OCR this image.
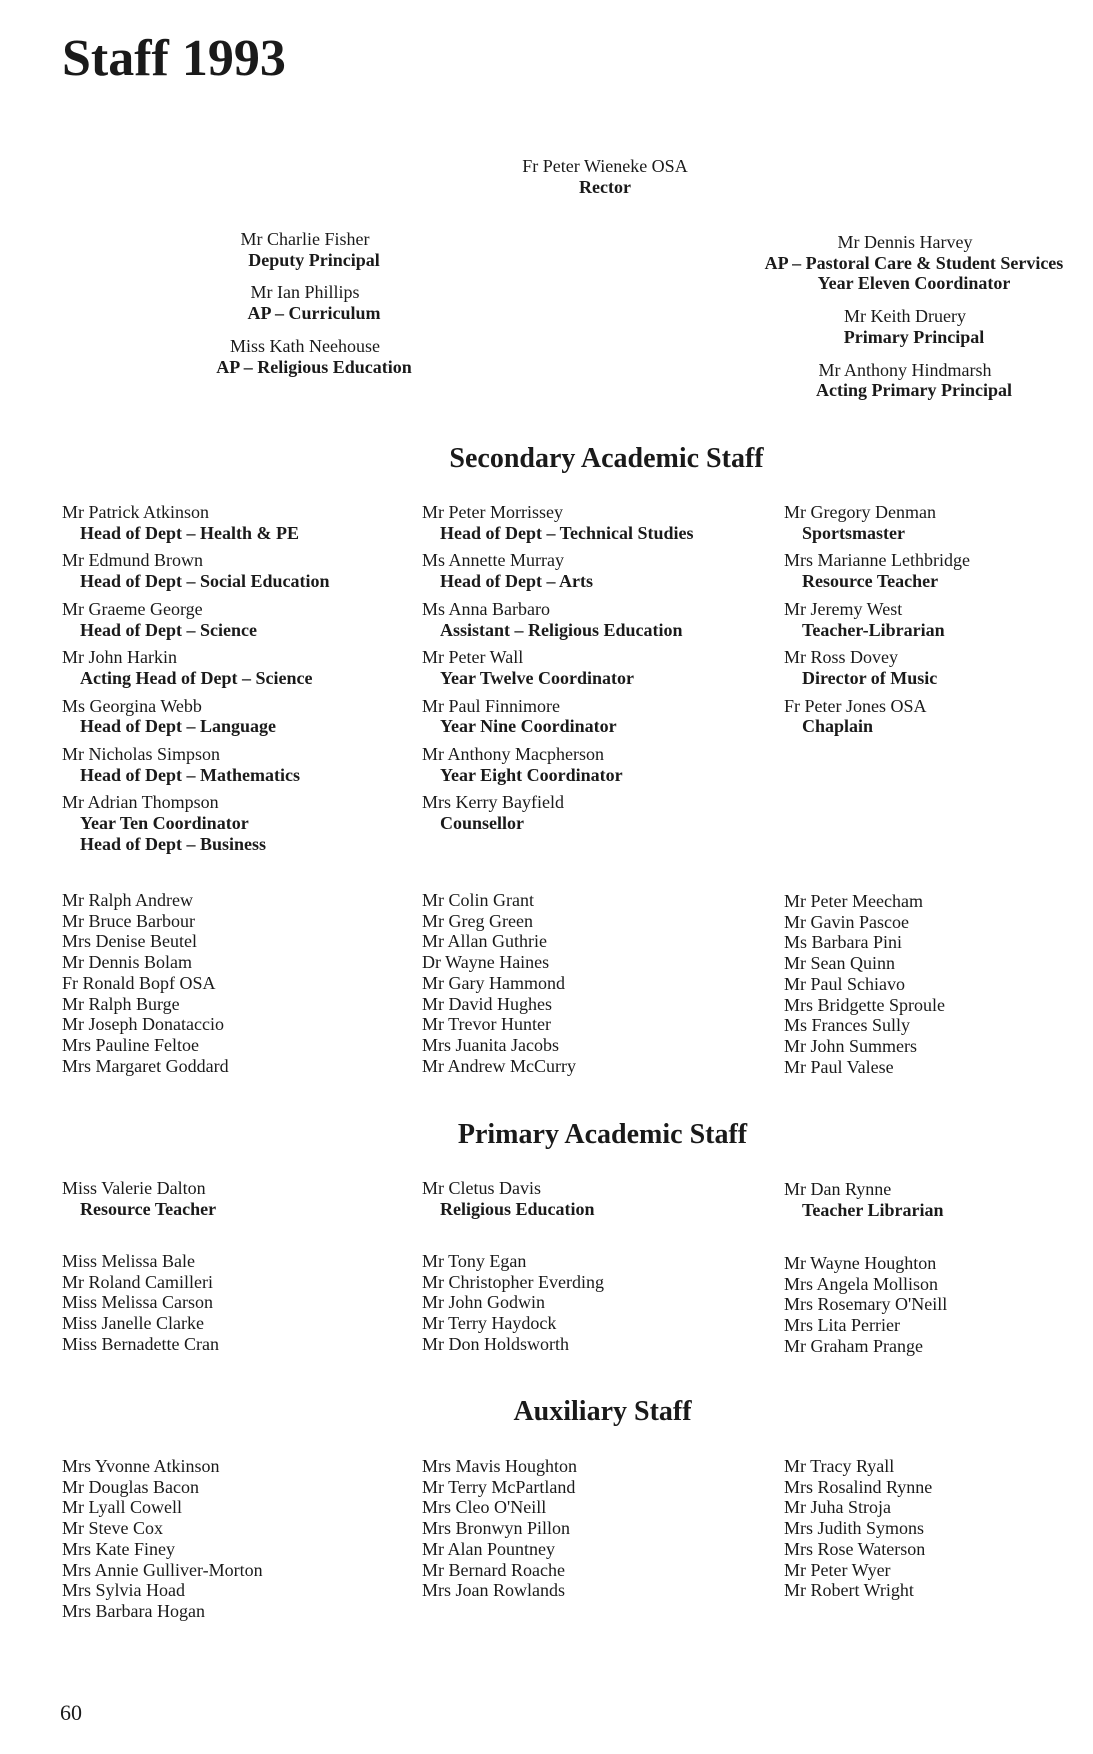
Staff 1993
Fr Peter Wieneke OSA
Rector
Mr Charlie Fisher
Deputy Principal
Mr Ian Phillips
AP – Curriculum
Miss Kath Neehouse
AP – Religious Education
Mr Dennis Harvey
AP – Pastoral Care & Student Services
Year Eleven Coordinator
Mr Keith Druery
Primary Principal
Mr Anthony Hindmarsh
Acting Primary Principal
Secondary Academic Staff
Mr Patrick Atkinson
Head of Dept – Health & PE
Mr Edmund Brown
Head of Dept – Social Education
Mr Graeme George
Head of Dept – Science
Mr John Harkin
Acting Head of Dept – Science
Ms Georgina Webb
Head of Dept – Language
Mr Nicholas Simpson
Head of Dept – Mathematics
Mr Adrian Thompson
Year Ten Coordinator
Head of Dept – Business
Mr Peter Morrissey
Head of Dept – Technical Studies
Ms Annette Murray
Head of Dept – Arts
Ms Anna Barbaro
Assistant – Religious Education
Mr Peter Wall
Year Twelve Coordinator
Mr Paul Finnimore
Year Nine Coordinator
Mr Anthony Macpherson
Year Eight Coordinator
Mrs Kerry Bayfield
Counsellor
Mr Gregory Denman
Sportsmaster
Mrs Marianne Lethbridge
Resource Teacher
Mr Jeremy West
Teacher-Librarian
Mr Ross Dovey
Director of Music
Fr Peter Jones OSA
Chaplain
Mr Ralph Andrew
Mr Bruce Barbour
Mrs Denise Beutel
Mr Dennis Bolam
Fr Ronald Bopf OSA
Mr Ralph Burge
Mr Joseph Donataccio
Mrs Pauline Feltoe
Mrs Margaret Goddard
Mr Colin Grant
Mr Greg Green
Mr Allan Guthrie
Dr Wayne Haines
Mr Gary Hammond
Mr David Hughes
Mr Trevor Hunter
Mrs Juanita Jacobs
Mr Andrew McCurry
Mr Peter Meecham
Mr Gavin Pascoe
Ms Barbara Pini
Mr Sean Quinn
Mr Paul Schiavo
Mrs Bridgette Sproule
Ms Frances Sully
Mr John Summers
Mr Paul Valese
Primary Academic Staff
Miss Valerie Dalton
Resource Teacher
Mr Cletus Davis
Religious Education
Mr Dan Rynne
Teacher Librarian
Miss Melissa Bale
Mr Roland Camilleri
Miss Melissa Carson
Miss Janelle Clarke
Miss Bernadette Cran
Mr Tony Egan
Mr Christopher Everding
Mr John Godwin
Mr Terry Haydock
Mr Don Holdsworth
Mr Wayne Houghton
Mrs Angela Mollison
Mrs Rosemary O'Neill
Mrs Lita Perrier
Mr Graham Prange
Auxiliary Staff
Mrs Yvonne Atkinson
Mr Douglas Bacon
Mr Lyall Cowell
Mr Steve Cox
Mrs Kate Finey
Mrs Annie Gulliver-Morton
Mrs Sylvia Hoad
Mrs Barbara Hogan
Mrs Mavis Houghton
Mr Terry McPartland
Mrs Cleo O'Neill
Mrs Bronwyn Pillon
Mr Alan Pountney
Mr Bernard Roache
Mrs Joan Rowlands
Mr Tracy Ryall
Mrs Rosalind Rynne
Mr Juha Stroja
Mrs Judith Symons
Mrs Rose Waterson
Mr Peter Wyer
Mr Robert Wright
60
